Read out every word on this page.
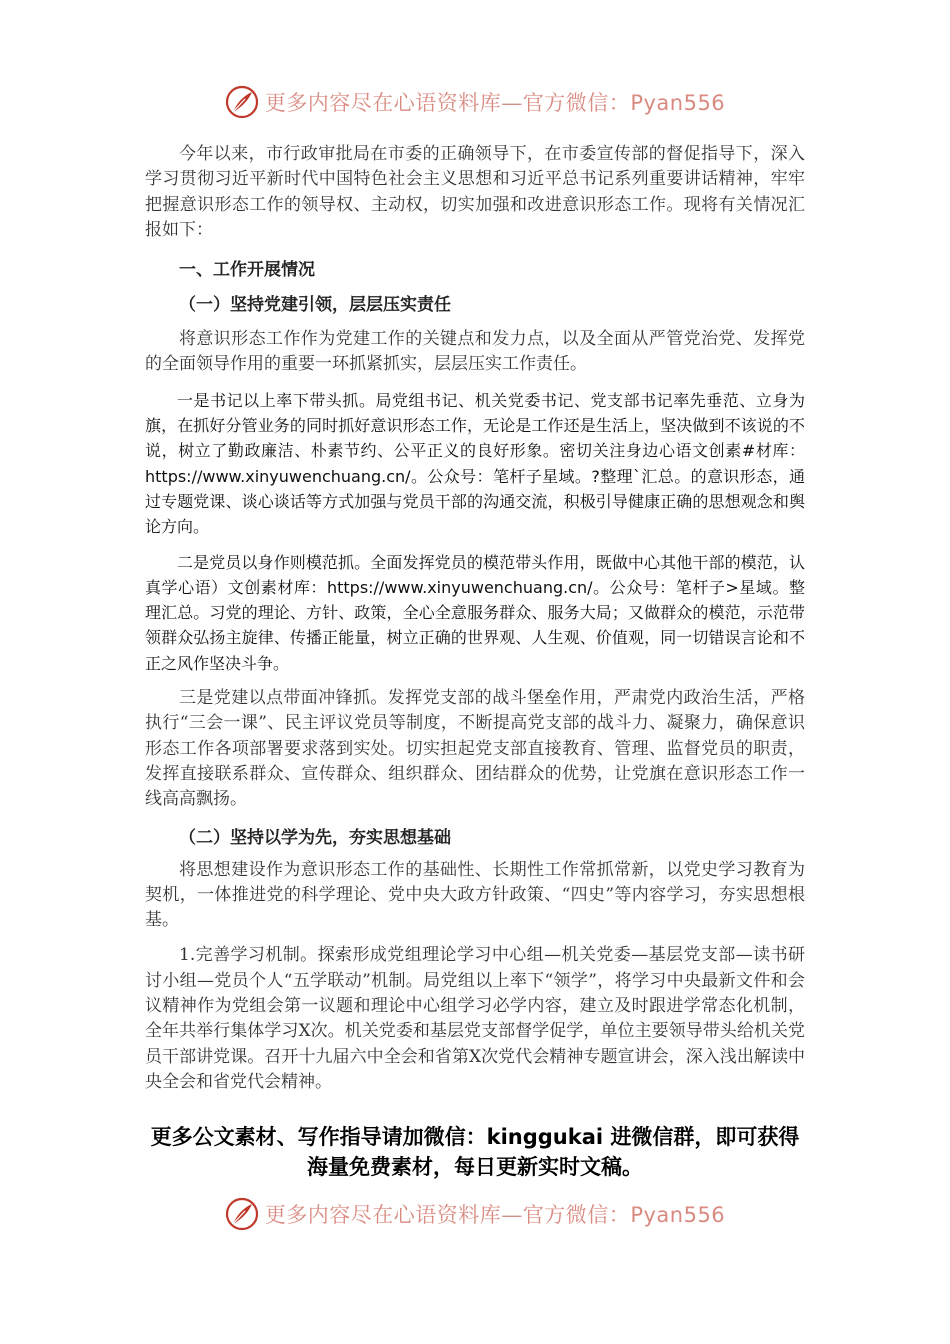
更多内容尽在心语资料库—官方微信：Pyan556

今年以来，市行政审批局在市委的正确领导下，在市委宣传部的督促指导下，深入学习贯彻习近平新时代中国特色社会主义思想和习近平总书记系列重要讲话精神，牢牢把握意识形态工作的领导权、主动权，切实加强和改进意识形态工作。现将有关情况汇报如下：

一、工作开展情况

（一）坚持党建引领，层层压实责任

将意识形态工作作为党建工作的关键点和发力点，以及全面从严管党治党、发挥党的全面领导作用的重要一环抓紧抓实，层层压实工作责任。

一是书记以上率下带头抓。局党组书记、机关党委书记、党支部书记率先垂范、立身为旗，在抓好分管业务的同时抓好意识形态工作，无论是工作还是生活上，坚决做到不该说的不说，树立了勤政廉洁、朴素节约、公平正义的良好形象。密切关注身边心语文创素#材库：https://www.xinyuwenchuang.cn/。公众号：笔杆子星域。?整理`汇总。的意识形态，通过专题党课、谈心谈话等方式加强与党员干部的沟通交流，积极引导健康正确的思想观念和舆论方向。

二是党员以身作则模范抓。全面发挥党员的模范带头作用，既做中心其他干部的模范，认真学心语）文创素材库：https://www.xinyuwenchuang.cn/。公众号：笔杆子>星域。整理汇总。习党的理论、方针、政策，全心全意服务群众、服务大局；又做群众的模范，示范带领群众弘扬主旋律、传播正能量，树立正确的世界观、人生观、价值观，同一切错误言论和不正之风作坚决斗争。

三是党建以点带面冲锋抓。发挥党支部的战斗堡垒作用，严肃党内政治生活，严格执行“三会一课”、民主评议党员等制度，不断提高党支部的战斗力、凝聚力，确保意识形态工作各项部署要求落到实处。切实担起党支部直接教育、管理、监督党员的职责，发挥直接联系群众、宣传群众、组织群众、团结群众的优势，让党旗在意识形态工作一线高高飘扬。

（二）坚持以学为先，夯实思想基础

将思想建设作为意识形态工作的基础性、长期性工作常抓常新，以党史学习教育为契机，一体推进党的科学理论、党中央大政方针政策、“四史”等内容学习，夯实思想根基。

1.完善学习机制。探索形成党组理论学习中心组—机关党委—基层党支部—读书研讨小组—党员个人“五学联动”机制。局党组以上率下“领学”，将学习中央最新文件和会议精神作为党组会第一议题和理论中心组学习必学内容，建立及时跟进学常态化机制，全年共举行集体学习Ⅹ次。机关党委和基层党支部督学促学，单位主要领导带头给机关党员干部讲党课。召开十九届六中全会和省第Ⅹ次党代会精神专题宣讲会，深入浅出解读中央全会和省党代会精神。

更多公文素材、写作指导请加微信：kinggukai 进微信群，即可获得海量免费素材，每日更新实时文稿。
更多内容尽在心语资料库—官方微信：Pyan556
